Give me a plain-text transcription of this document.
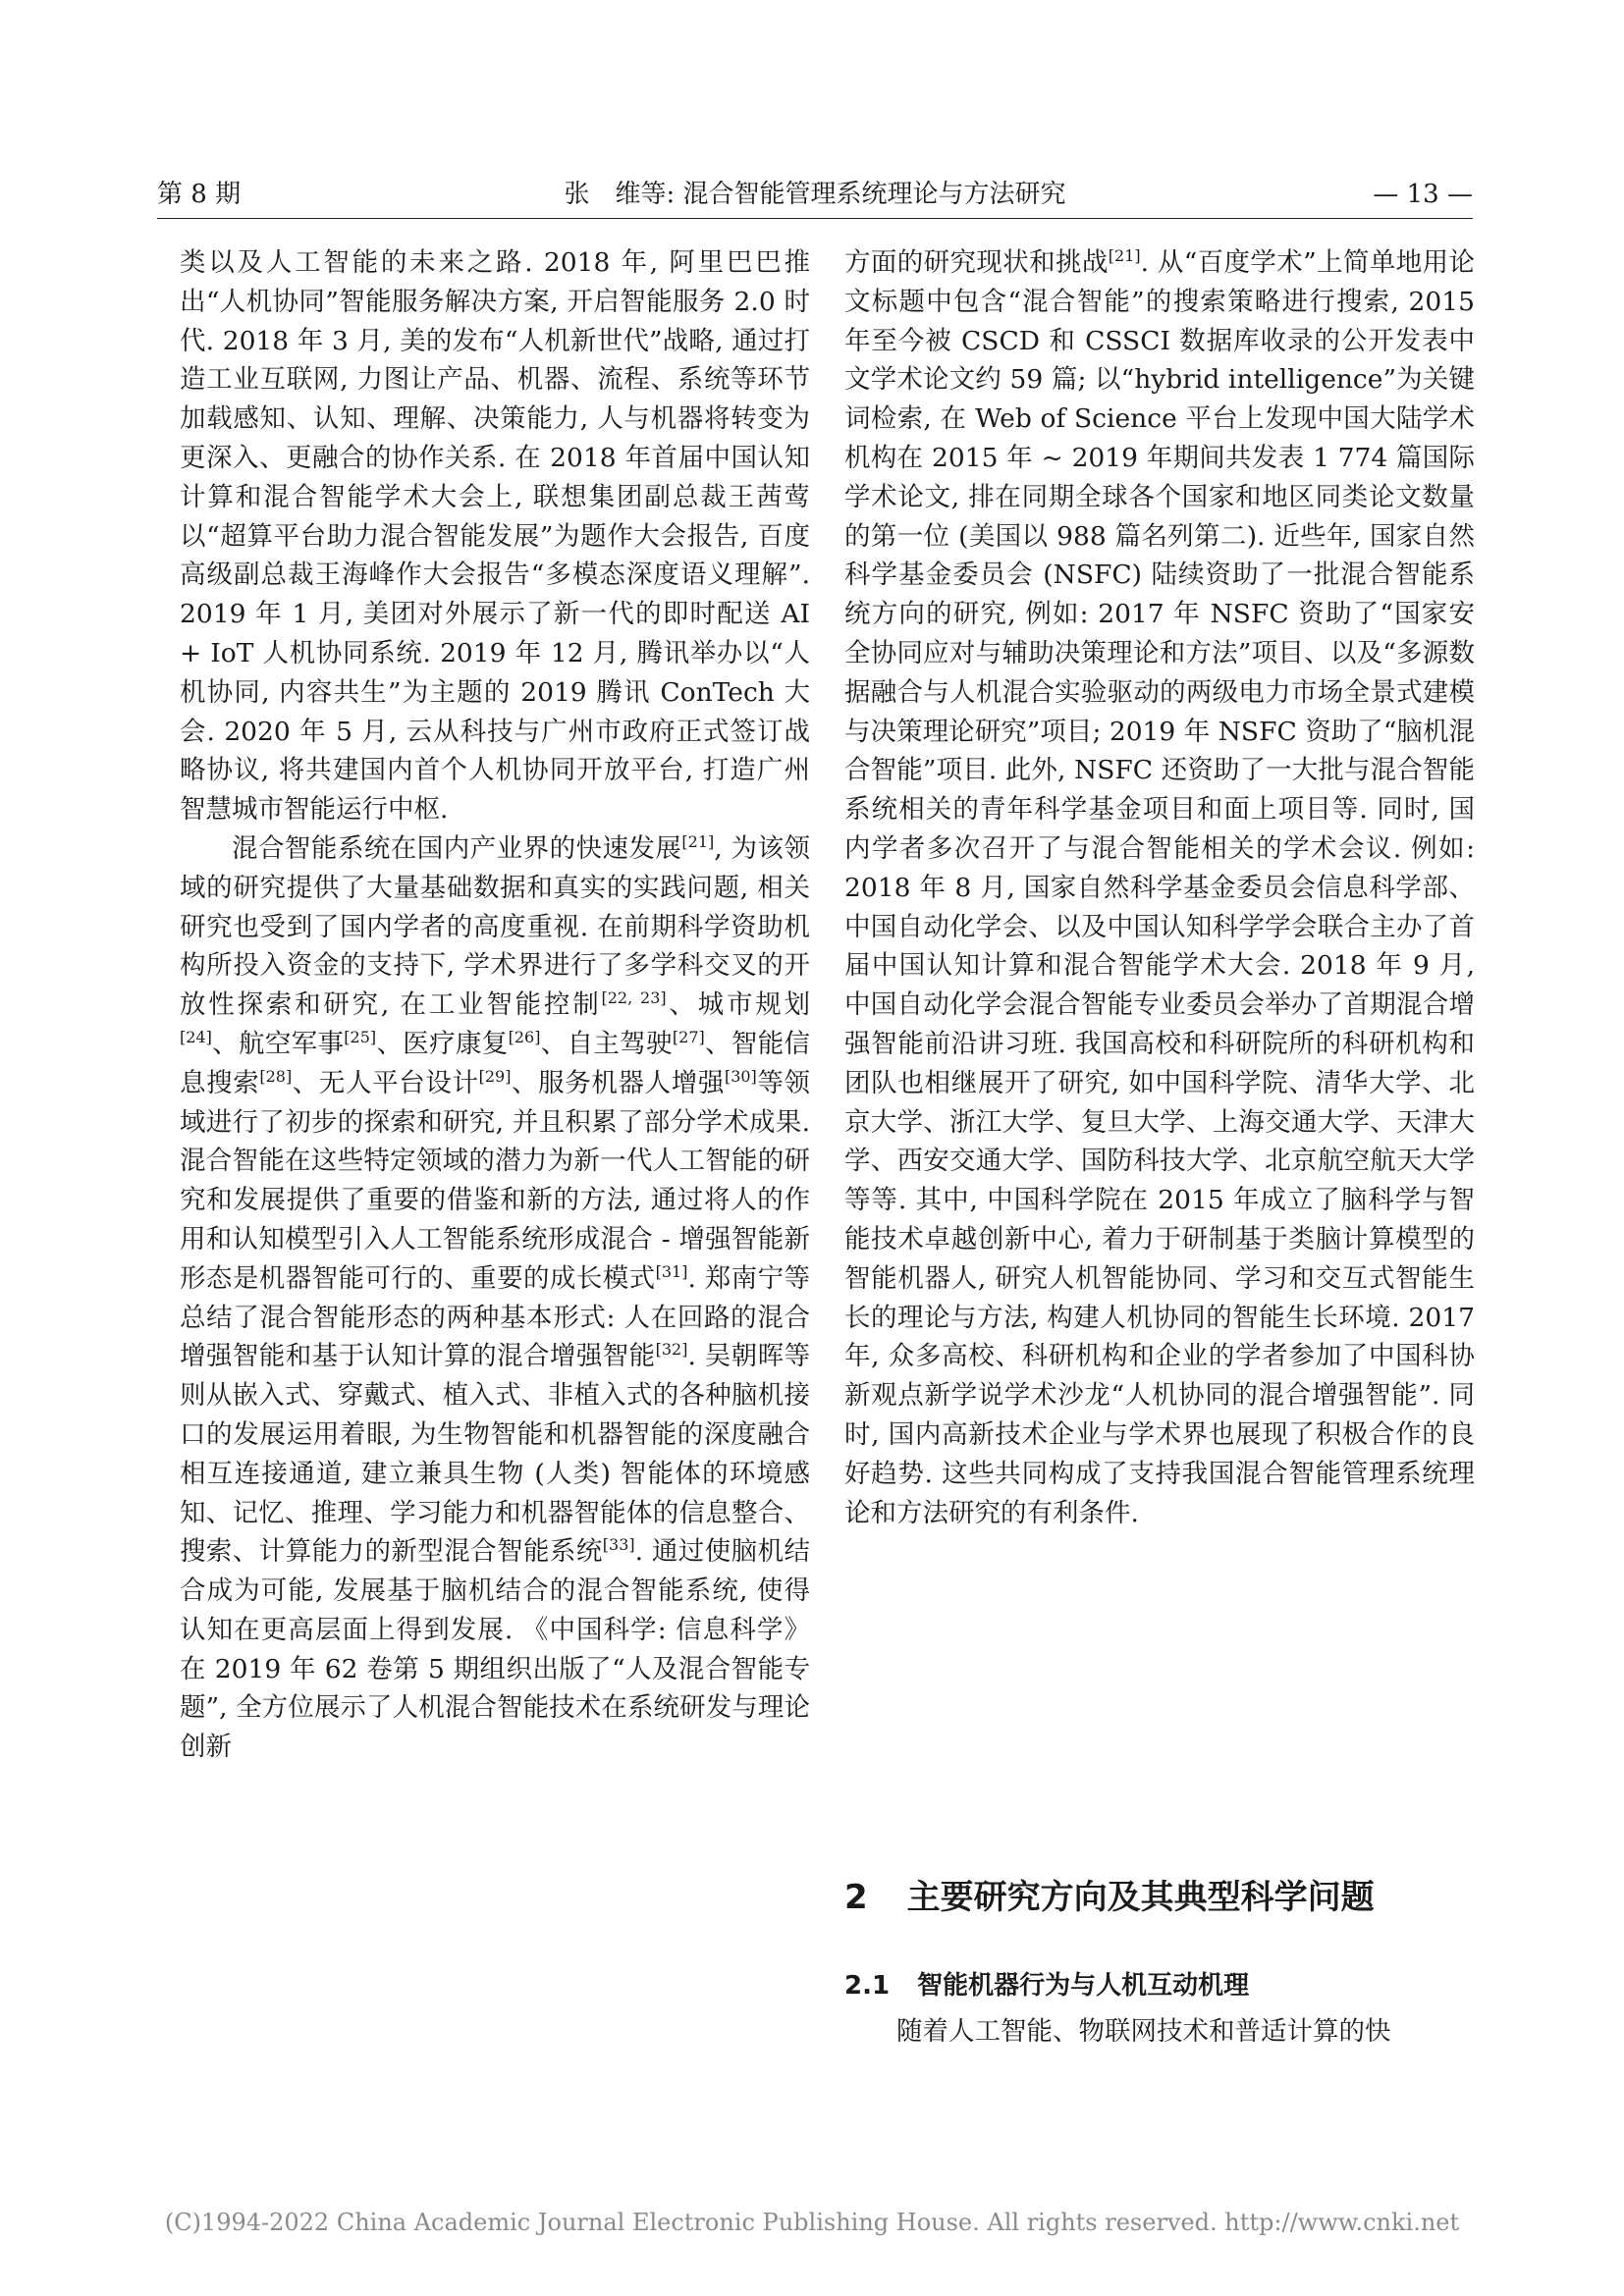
第 8 期	张　维等: 混合智能管理系统理论与方法研究	— 13 —

类以及人工智能的未来之路. 2018 年, 阿里巴巴推出“人机协同”智能服务解决方案, 开启智能服务 2.0 时代. 2018 年 3 月, 美的发布“人机新世代”战略, 通过打造工业互联网, 力图让产品、机器、流程、系统等环节加载感知、认知、理解、决策能力, 人与机器将转变为更深入、更融合的协作关系. 在 2018 年首届中国认知计算和混合智能学术大会上, 联想集团副总裁王茜莺以“超算平台助力混合智能发展”为题作大会报告, 百度高级副总裁王海峰作大会报告“多模态深度语义理解”. 2019 年 1 月, 美团对外展示了新一代的即时配送 AI + IoT 人机协同系统. 2019 年 12 月, 腾讯举办以“人机协同, 内容共生”为主题的 2019 腾讯 ConTech 大会. 2020 年 5 月, 云从科技与广州市政府正式签订战略协议, 将共建国内首个人机协同开放平台, 打造广州智慧城市智能运行中枢.

混合智能系统在国内产业界的快速发展[21], 为该领域的研究提供了大量基础数据和真实的实践问题, 相关研究也受到了国内学者的高度重视. 在前期科学资助机构所投入资金的支持下, 学术界进行了多学科交叉的开放性探索和研究, 在工业智能控制[22, 23]、城市规划[24]、航空军事[25]、医疗康复[26]、自主驾驶[27]、智能信息搜索[28]、无人平台设计[29]、服务机器人增强[30]等领域进行了初步的探索和研究, 并且积累了部分学术成果. 混合智能在这些特定领域的潜力为新一代人工智能的研究和发展提供了重要的借鉴和新的方法, 通过将人的作用和认知模型引入人工智能系统形成混合 - 增强智能新形态是机器智能可行的、重要的成长模式[31]. 郑南宁等总结了混合智能形态的两种基本形式: 人在回路的混合增强智能和基于认知计算的混合增强智能[32]. 吴朝晖等则从嵌入式、穿戴式、植入式、非植入式的各种脑机接口的发展运用着眼, 为生物智能和机器智能的深度融合相互连接通道, 建立兼具生物 (人类) 智能体的环境感知、记忆、推理、学习能力和机器智能体的信息整合、搜索、计算能力的新型混合智能系统[33]. 通过使脑机结合成为可能, 发展基于脑机结合的混合智能系统, 使得认知在更高层面上得到发展. 《中国科学: 信息科学》在 2019 年 62 卷第 5 期组织出版了“人及混合智能专题”, 全方位展示了人机混合智能技术在系统研发与理论创新

方面的研究现状和挑战[21]. 从“百度学术”上简单地用论文标题中包含“混合智能”的搜索策略进行搜索, 2015 年至今被 CSCD 和 CSSCI 数据库收录的公开发表中文学术论文约 59 篇; 以“hybrid intelligence”为关键词检索, 在 Web of Science 平台上发现中国大陆学术机构在 2015 年 ~ 2019 年期间共发表 1 774 篇国际学术论文, 排在同期全球各个国家和地区同类论文数量的第一位 (美国以 988 篇名列第二). 近些年, 国家自然科学基金委员会 (NSFC) 陆续资助了一批混合智能系统方向的研究, 例如: 2017 年 NSFC 资助了“国家安全协同应对与辅助决策理论和方法”项目、以及“多源数据融合与人机混合实验驱动的两级电力市场全景式建模与决策理论研究”项目; 2019 年 NSFC 资助了“脑机混合智能”项目. 此外, NSFC 还资助了一大批与混合智能系统相关的青年科学基金项目和面上项目等. 同时, 国内学者多次召开了与混合智能相关的学术会议. 例如: 2018 年 8 月, 国家自然科学基金委员会信息科学部、中国自动化学会、以及中国认知科学学会联合主办了首届中国认知计算和混合智能学术大会. 2018 年 9 月, 中国自动化学会混合智能专业委员会举办了首期混合增强智能前沿讲习班. 我国高校和科研院所的科研机构和团队也相继展开了研究, 如中国科学院、清华大学、北京大学、浙江大学、复旦大学、上海交通大学、天津大学、西安交通大学、国防科技大学、北京航空航天大学等等. 其中, 中国科学院在 2015 年成立了脑科学与智能技术卓越创新中心, 着力于研制基于类脑计算模型的智能机器人, 研究人机智能协同、学习和交互式智能生长的理论与方法, 构建人机协同的智能生长环境. 2017 年, 众多高校、科研机构和企业的学者参加了中国科协新观点新学说学术沙龙“人机协同的混合增强智能”. 同时, 国内高新技术企业与学术界也展现了积极合作的良好趋势. 这些共同构成了支持我国混合智能管理系统理论和方法研究的有利条件.

2 主要研究方向及其典型科学问题
2.1 智能机器行为与人机互动机理

随着人工智能、物联网技术和普适计算的快

(C)1994-2022 China Academic Journal Electronic Publishing House. All rights reserved. http://www.cnki.net
